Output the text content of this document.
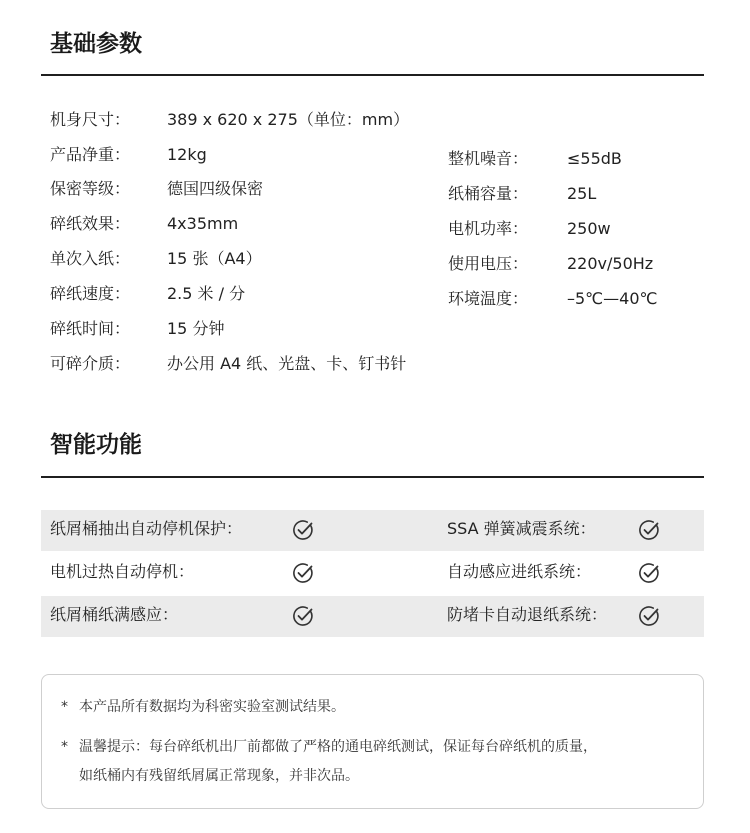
基础参数
机身尺寸： 389 x 620 x 275（单位：mm）
产品净重： 12kg
保密等级： 德国四级保密
碎纸效果： 4x35mm
单次入纸： 15 张（A4）
碎纸速度： 2.5 米 / 分
碎纸时间： 15 分钟
可碎介质： 办公用 A4 纸、光盘、卡、钉书针
整机噪音： ≤55dB
纸桶容量： 25L
电机功率： 250w
使用电压： 220v/50Hz
环境温度： –5℃—40℃
智能功能
纸屑桶抽出自动停机保护：	SSA 弹簧减震系统：
电机过热自动停机：	自动感应进纸系统：
纸屑桶纸满感应：	防堵卡自动退纸系统：
* 本产品所有数据均为科密实验室测试结果。
* 温馨提示：每台碎纸机出厂前都做了严格的通电碎纸测试，保证每台碎纸机的质量，
如纸桶内有残留纸屑属正常现象，并非次品。
